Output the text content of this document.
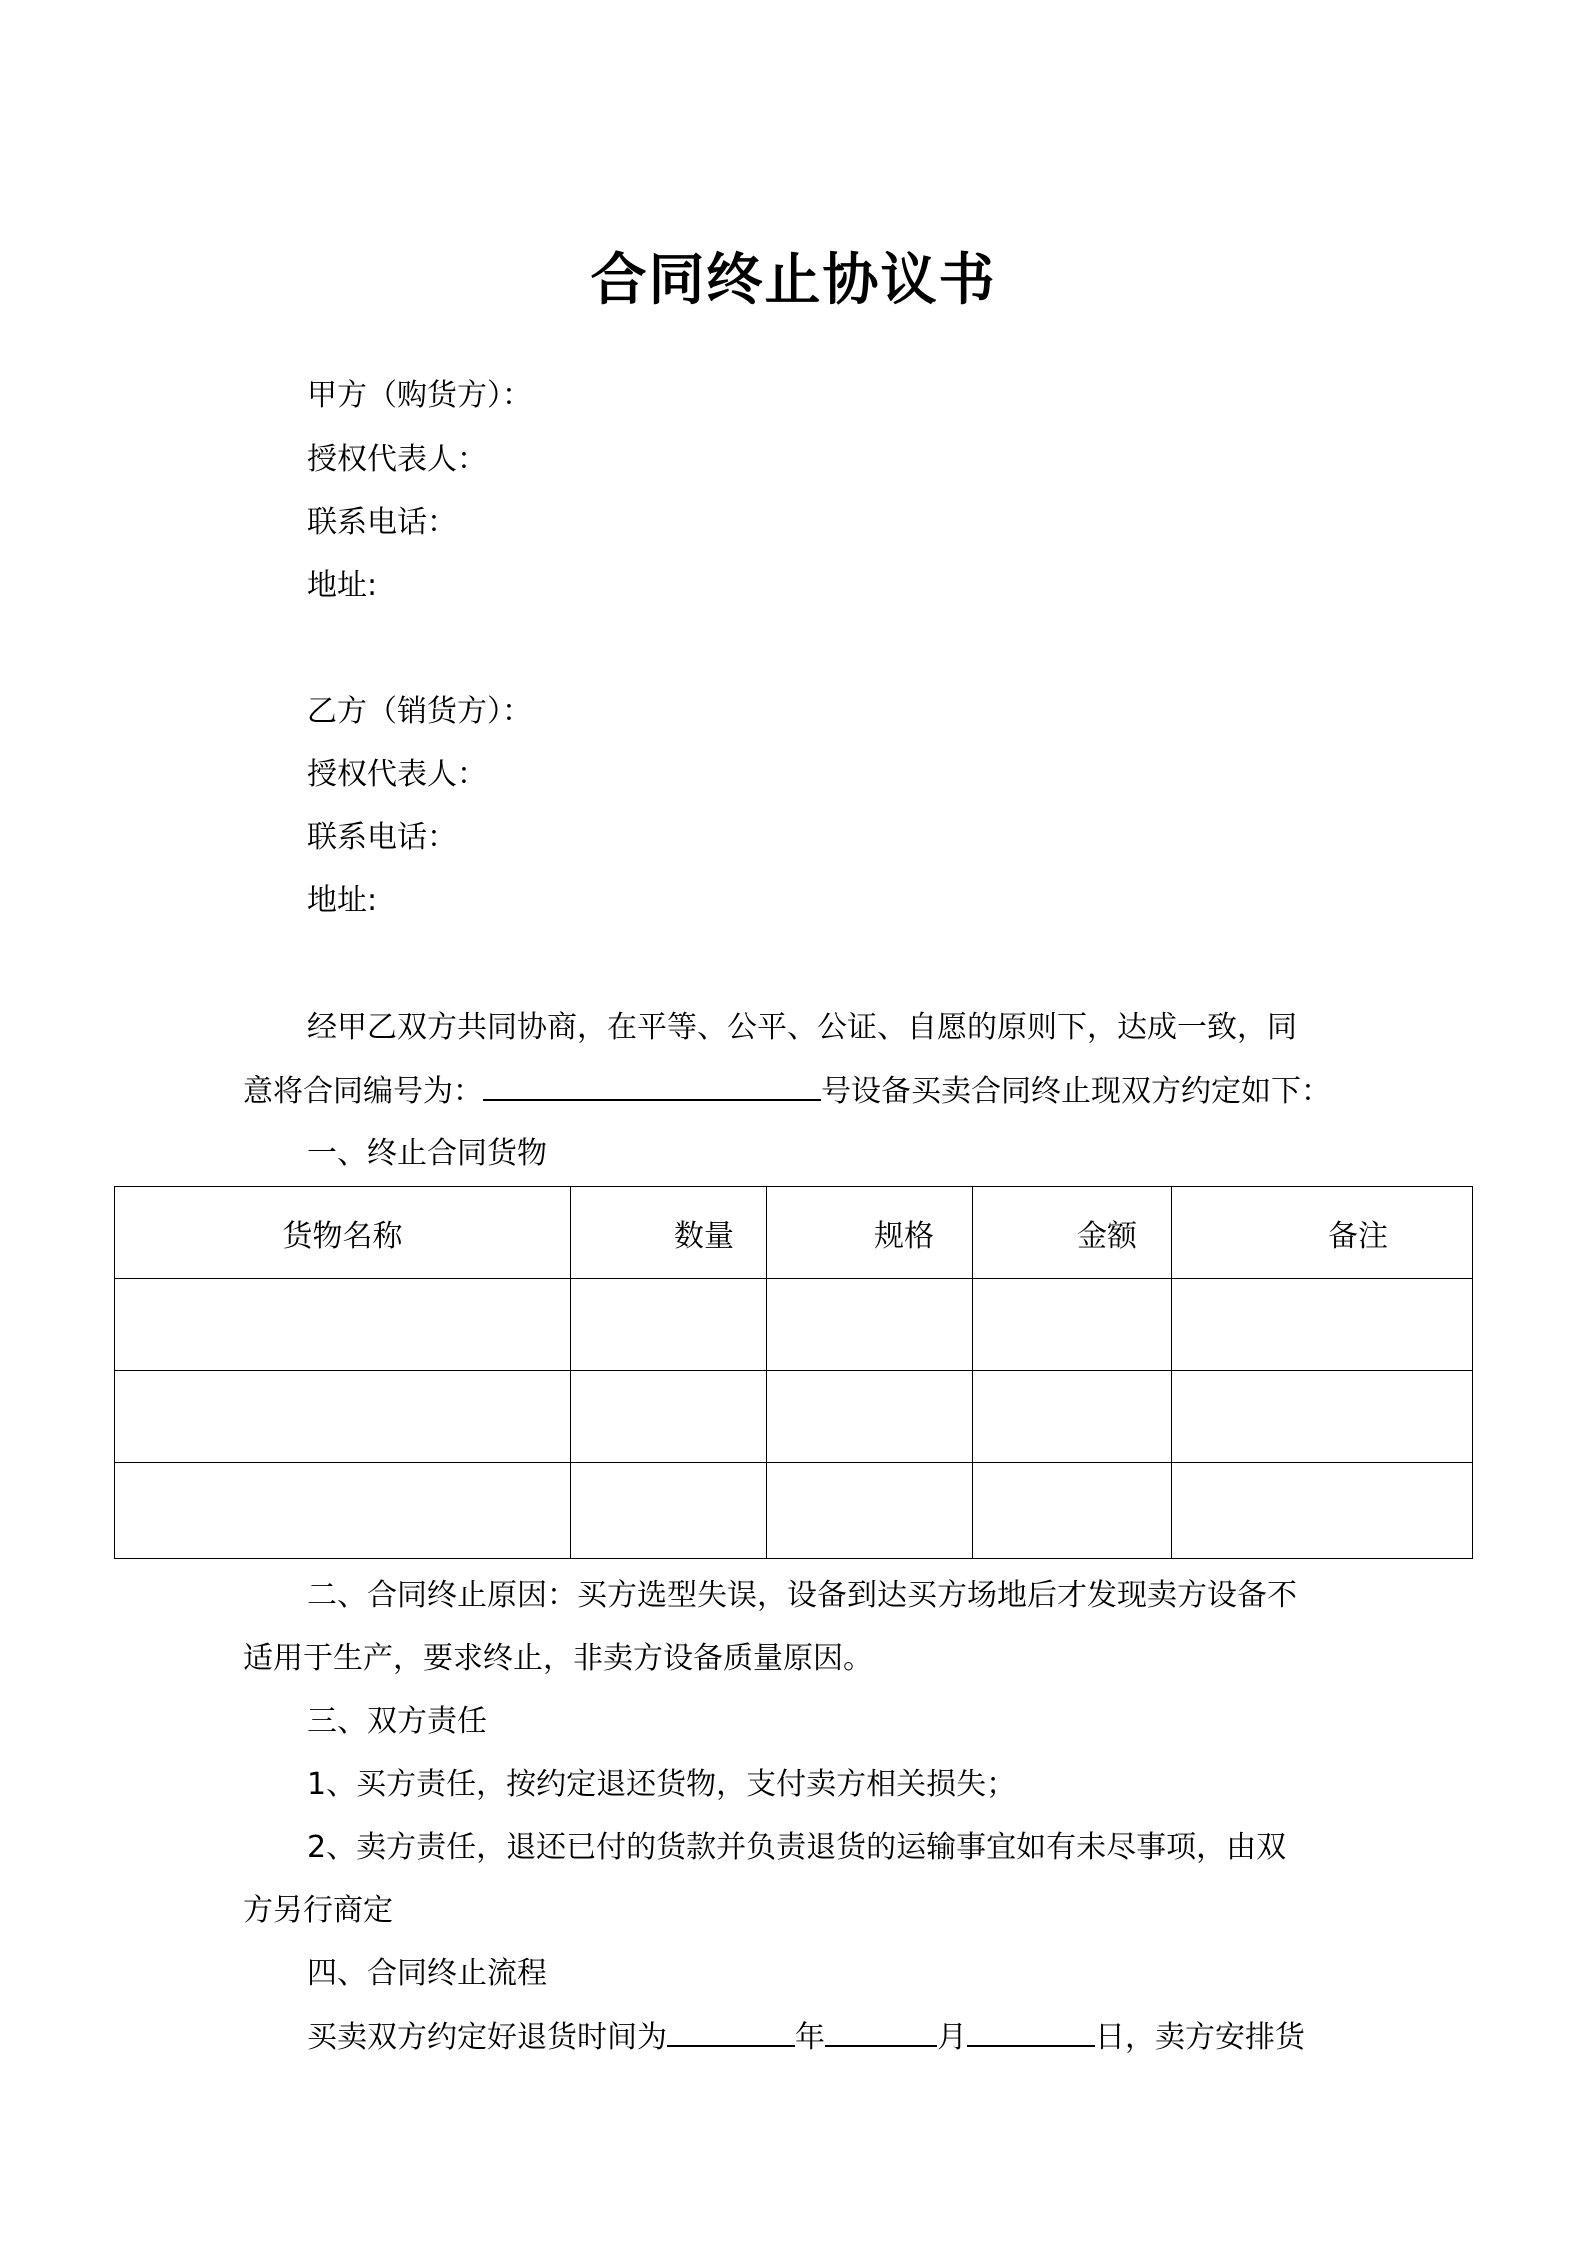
合同终止协议书
甲方（购货方）：
授权代表人：
联系电话：
地址:
乙方（销货方）：
授权代表人：
联系电话：
地址:
经甲乙双方共同协商，在平等、公平、公证、自愿的原则下，达成一致，同
意将合同编号为：	号设备买卖合同终止现双方约定如下：
一、终止合同货物
货物名称	数量	规格	金额	备注

二、合同终止原因：买方选型失误，设备到达买方场地后才发现卖方设备不
适用于生产，要求终止，非卖方设备质量原因。
三、双方责任
1、买方责任，按约定退还货物，支付卖方相关损失；
2、卖方责任，退还已付的货款并负责退货的运输事宜如有未尽事项，由双
方另行商定
四、合同终止流程
买卖双方约定好退货时间为	年	月	日，卖方安排货
